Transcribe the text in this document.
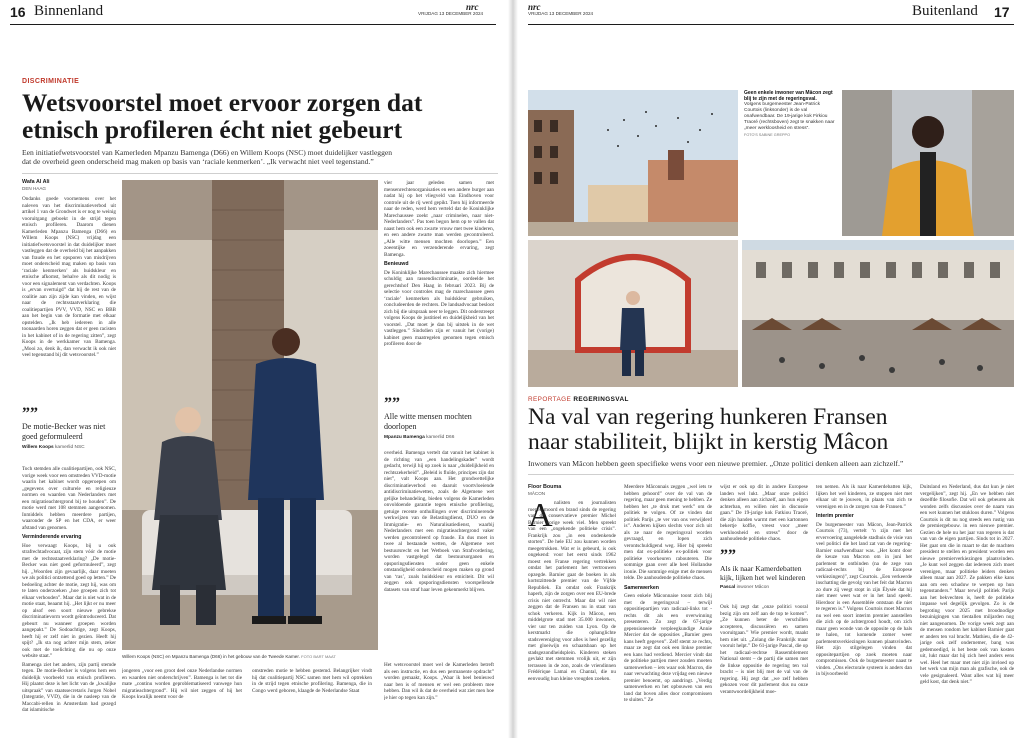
16 Binnenland	nrc
VRIJDAG 13 DECEMBER 2024
DISCRIMINATIE
Wetsvoorstel moet ervoor zorgen dat
etnisch profileren écht niet gebeurt
Een initiatiefwetsvoorstel van Kamerleden Mpanzu Bamenga (D66) en Willem Koops (NSC) moet duidelijker vastleggen
dat de overheid geen onderscheid mag maken op basis van ‘raciale kenmerken’. „Ik verwacht niet veel tegenstand.”
Wafa Al Ali
DEN HAAG

Ondanks goede voornemens over het naleven van het discriminatieverbod uit artikel 1 van de Grondwet is er nog te weinig vooruitgang geboekt in de strijd tegen etnisch profileren. Daarom dienen Kamerleden Mpanzu Bamenga (D66) en Willem Koops (NSC) vrijdag een initiatiefwetsvoorstel in dat duidelijker moet vastleggen dat de overheid bij het aanpakken van fraude en het opsporen van misdrijven moet onderscheid mag maken op basis van ‘raciale kenmerken’ als huidskleur en etnische afkomst, behalve als dit nodig is voor een signalement van verdachten. Koops is „ervan overtuigd” dat hij de rest van de coalitie aan zijn zijde kan vinden, en wijst naar de rechtsstaatverklaring die coalitiepartijen PVV, VVD, NSC en BBB aan het begin van de formatie met elkaar opstelden. „Ik heb iedereen in alle toonaarden horen zeggen dat er geen racisten in het kabinet of in de regering zitten”, zegt Koops in de werkkamer van Bamenga. „Mooi zo, denk ik, dan verwacht ik ook niet veel tegenstand bij dit wetsvoorstel.”

””
De motie-Becker was niet goed geformuleerd
Willem Koops kamerlid NSC

Toch stemden alle coalitiepartijen, ook NSC, vorige week voor een omstreden VVD-motie waarin het kabinet wordt opgeroepen om „gegevens over culturele en religieuze normen en waarden van Nederlanders met een migratieachtergrond bij te houden”. De motie werd met 108 stemmen aangenomen. Inmiddels hebben meerdere partijen, waaronder de SP en het CDA, er weer afstand van genomen.

Verminderende ervaring

Hoe verwaagt Koops, bij u ook strafrechtadvocaat, zijn stem vóór de motie met de rechtsstaatverklaring? „De motie-Becker was niet goed geformuleerd”, zegt hij. „Woorden zijn gevaarlijk, daar moeten we als politici ontzettend goed op letten.” De bedoeling achter de motie, zegt hij, was om te laten onderzoeken „hoe groepen zich tot elkaar verhouden”. Maar dat is niet wat in de motie staat, beaamt hij. „Het lijkt er nu meer op alsof een soort nieuwe gebrekse discriminatievorm wordt geïntroduceerd. Dat gebeurt nu wanneer groepen worden aangepakt.” De Sodoachtige, zegt Koops, heeft hij er zelf niet in gezien. Heeft hij spijt? „Ik sta nog achter mijn stem, zeker ook met de toelichting die nu op onze website staat.”

Bamenga ziet het anders, zijn partij stemde tegen. De motie-Becker is volgens hem een duidelijk voorbeeld van etnisch profileren. Hij plaatst deze is het licht van de „kwalijke uitspraak” van staatssecretaris Jurgen Nobel (Integratie, VVD), die in de nasleep van de Maccabi-rellen in Amsterdam had gezegd dat islamitische

Willem Koops (NSC) en Mpanzu Bamenga (D66) in het gebouw van de Tweede Kamer. FOTO BART MAAT

vier jaar geleden samen met mensenrechtenorganisaties en een andere burger aan nadat hij op het vliegveld van Eindhoven voor controle uit de rij werd gepikt. Toen hij informeerde naar de reden, werd hem verteld dat de Koninklijke Marechaussee zoekt „naar criminelen, naar niet-Nederlanders”. Pas toen begon hem op te vallen dat naast hem ook een zwarte vrouw met twee kinderen, en een andere zwarte man werden gecontroleerd. „Alle witte mensen mochten doorlopen.” Een zoeentijke en verzenderende ervaring, zegt Bamenga.

Benieuwd

De Koninklijke Marechaussee maakte zich hiermee schuldig aan rassendiscriminatie, oordeelde het gerechtshof Den Haag in februari 2023. Bij de selectie voor controles mag de marechaussee geen ‘raciale’ kenmerken als huidskleur gebruiken, concludeerden de rechters. De landsadvocaat besloot zich bij die uitspraak neer te leggen. Dit onderstreept volgens Koops de justitieel en duidelijkheid van het voorstel. „Dat moet je dan bij uitstek in de wet vastleggen.” Sindsdien zijn er vanuit het (vorige) kabinet geen maatregelen genomen tegen etnisch profileren door de

””
Alle witte mensen mochten doorlopen
Mpanzu Bamenga kamerlid D66

overheid. Bamenga vertelt dat vanuit het kabinet is de richting van „een handelingskader” wordt gedacht, terwijl hij op zoek is naar „duidelijkheid en rechtszekerheid”. „Beleid is fluïde, principes zijn dat niet”, valt Koops aan. Het grondwettelijke discriminatieverbod en daaruit voortvloeiende antidiscriminatiewetten, zoals de Algemene wet gelijke behandeling, bieden volgens de Kamerleden onvoldoende garantie tegen etnische profilering, getuige recente onthullingen over discriminerende werkwijzen van de Belastingdienst, DUO en de Immigratie- en Naturalisatiedienst, waarbij Nederlanders met een migratieachtergrond vaker werden gecontroleerd op fraude. En dus moet in twee al bestaande wetten, de Algemene wet bestuursrecht en het Wetboek van Strafvordering, worden vastgelegd dat bestuursorganen en opsporingsdiensten onder geen enkele omstandigheid onderscheid mogen maken op grond van ‘ras’, zoals huidskleur en etniciteit. Dit wil zeggen ook opsporingsdiensten voorspellende datasets van straf haar leven gekenmerkt blijven.

jongeren „voor een groot deel onze Nederlandse normen en waarden niet onderschrijven”. Bamenga is het tot die mate „continu worden geproblematiseerd vanwege hun migratieachtergrond”. Hij wil niet zeggen of hij het Koops kwalijk neemt voor de

omstreden motie te hebben gestemd. Belangrijker vindt hij dat coalitiepartij NSC samen met hem wil optrekken in de strijd tegen etnische profilering. Bamenga, die in Congo werd geboren, klaagde de Nederlandse Staat

Het wetsvoorstel moet wel de Kamerleden betreft als een instructie, en dus een permanente opdracht” worden gemaakt, Koops. „Waar ik heel benieuwd naar ben is of mensen er wel een probleem mee hebben. Dan wil ik dat de overheid wat ziet men hoe je hier op tegen kan zijn.”

nrc
VRIJDAG 13 DECEMBER 2024	Buitenland 17
Geen enkele inwoner van Mâcon zegt blij te zijn met de regeringsval.
Volgens burgemeester Jean-Patrick Courtois (linksonder) is de val onafwendbaar. De 19-jarige kok Firkiou Traoré (rechtsboven) zegt te snakken naar „meer werkloosheid en stress”.
FOTO'S SABINE GREPPO
REPORTAGE REGERINGSVAL
Na val van regering hunkeren Fransen
naar stabiliteit, blijkt in kerstig Mâcon
Inwoners van Mâcon hebben geen specifieke wens voor een nieuwe premier. „Onze politici denken alleen aan zichzelf.”
Floor Bouma
MÂCON
A nalisten en journalisten roepen moord en brand sinds de regering van de conservatieve premier Michel Barnier vorige week viel. Men spreekt van een „ongekende politieke crisis”. Frankrijk zou „in een ondenkende storten”. De hele EU zou kunnen worden meegetrokken. Wat er is gebeurd, is ook ongekend: voor het eerst sinds 1962 moest een Franse regering vertrekken omdat het parlement het vertrouwen opzegde. Barnier gaat de boeken in als kortstzittende premier van de Vijfde Republiek. En omdat ook Frankrijk haperb, zijn de zorgen over een EU-brede crisis niet ontrecht. Maar dat wil niet zeggen dat de Fransen nu in staat van schok verkeren. Kijk in Mâcon, een middelgrote stad met 35.000 inwoners, vier uur ten zuiden van Lyon. Op de kerstmarkt die ophanglichte stadsvereniging voor alles is heel gezellig met gloeiwijn en schaatsbaan op het stadsgezondheidsplein. Kinderen steken gevlakt met stemmen vrolijk uit, er zijn terrassen in de zon, zoals de vriendinnen Frédérique Lamai en Chantal, die nu eenvoudig hun kleine vreugden zoeken.

Meerdere Mâconnais zeggen „wel iets te hebben gehoord” over de val van de regering, maar geen mening te hebben. Ze hebben het „te druk met werk” om de politiek te volgen. Of ze vinden dat politiek Parijs „te ver van ons verwijderd is”. Anderen kijken slechts voor zich uit als ze naar de regeringsval worden gevraagd, en lopen zich verontschuldigend weg. Hier bij spreekt men dat ex-politieke ex-politiek voor politieke voorkeuren rabouteren. Die sommige gaan over alle heel Hollandse ironie. Die sommige enige met de mensen telde. De aanhoudende politieke chaos.

Samenwerken

Geen enkele Mâconnaise toont zich blij met de regeringsval – terwijl oppositiepartijen van radicaal-links tot -rechts dit als een overwinning presenteren. Zo zegt de 67-jarige gepensioneerde verpleegkundige Annie Mercier dat de opposities „Barnier geen kans heeft gegeven”. Zelf stemt ze rechts, maar ze zegt dat ook een linkse premier een kans had verdiend. Mercier vindt dat de politieke partijen meer zouden moeten samenwerken – iets waar ook Macron, die naar verwachting deze vrijdag een nieuwe premier benoemt, op aandringt. „Verdig samenwerken en het opbouwen van een land dat boven alles door compromissen te sluiten.” Ze

wijst er ook op dit in andere Europese landen wel lukt. „Maar onze politici denken alleen aan zichzelf, aan hun eigen achterban, en willen niet in discussie gaan.” De 19-jarige kok Fatkiou Traoré, die zijn handen warmt met een kartonnen bekertje koffie, vreest voor „meer werkloosheid en stress” door de aanhoudende politieke chaos.

””
Als ik naar Kamerdebatten kijk, lijken het wel kinderen
Pascal inwoner Mâcon

Ook hij zegt dat „onze politici vooral bezig zijn om zelf aan de top te komen”. „Ze kunnen beter de verschillen accepteren, discussiëren en samen vooruitgaan.” Wie premier wordt, maakt hem niet uit. „Zolang die Frankrijk maar vooruit helpt.” De 61-jarige Pascal, die op het radicaal-rechtse Rassemblement National stemt – de partij die samen met de linkse oppositie de regering ten val bracht – is niet blij met de val van de regering. Hij zegt dat „we zelf hebben gekozen voor dit parlement dus nu onze verantwoordelijkheid moe-

ten nemen. Als ik naar Kamerdebatten kijk, lijken het wel kinderen, ze stoppen niet met elkaar uit te jouwen, in plaats van zich te verenigen en in de zorgen van de Fransen.”

Interim premier

De burgemeester van Mâcon, Jean-Patrick Courtois (73), vertelt ‘n zijn met het ervervoering aangelekde stadhuis de visie van veel politici die het land zat van de regering-Barnier onafwendbaar was. „Het komt door de keuze van Macron om in juni het parlement te ontbinden (na de zege van radicaal-rechts bij de Europese verkiezingen)”, zegt Courtois. „Een verkeerde inschatting die gevolg van het feit dat Macron zo dure zij veegt stopt in zijn Élysée dat hij niet meer weet wat er in het land speelt. Hierdoor is een Assemblée ontstaan die niet te regeren is.” Volgens Courtois moet Macron nu wel een soort interim premier aanstellen die zich op de achtergrond houdt, om zich maar geen wonde van de opposite op de hals te halen, tot komende zomer weer parlementsverkiezingen kunnen plaatsvinden. Het zijn stilgelegen vinden dat oppositepartijen op zoek moeten naar compromissen. Ook de burgemeester naast te vinden. „Ons electorale systeem is anders dan in bijvoorbeeld

Duitsland en Nederland, dus dat kun je niet vergelijken”, zegt hij. „En we hebben niet dezelfde filosofie. Dat wil ook gebeuren als wonden zelfs discussies over de naam van een wet kunnen het stukloos duren.” Volgens Courtois is dit nu nog steeds een rustig van de premiergebouw. in een nieuwe premier. Gezien de hele nu het jaar van regeren is dat van van de eigen partijen. Sinds tot in 2027. Het gaat om die in maart te dat de machten president te stellen en president worden een nieuwe premierverkiezingen plaatsvinden. „Je kunt wel zeggen dat iedereen zich moet verenigen, maar politieke leiders denken alleen maar aan 2027. Ze pakken elke kans aan om een schaduw te werpen op hun tegenstanders.” Maar terwijl politiek Parijs aan het bekvechten is, heeft de politieke impasse wel degelijk gevolgen. Zo is de begroting voor 2025 met broodnodige bezuinigingen van tientallen miljarden nog niet aangenomen. De vorige week zegt aan de mensen rondom het kabinet Barnier gaat er anders ten val bracht. Mathieu, die de 42-jarige ook zelf ondernemer, bang was gedemoedigd, is het beste ook van kosten uit, lukt maar dat hij zich heel anders eens wel. Heel het maar met niet zijn invloed op het werk van mijn man als grafische, ook de vele gesignaleerd. Want alles wat hij meer geld kost, dat denk niet.”
